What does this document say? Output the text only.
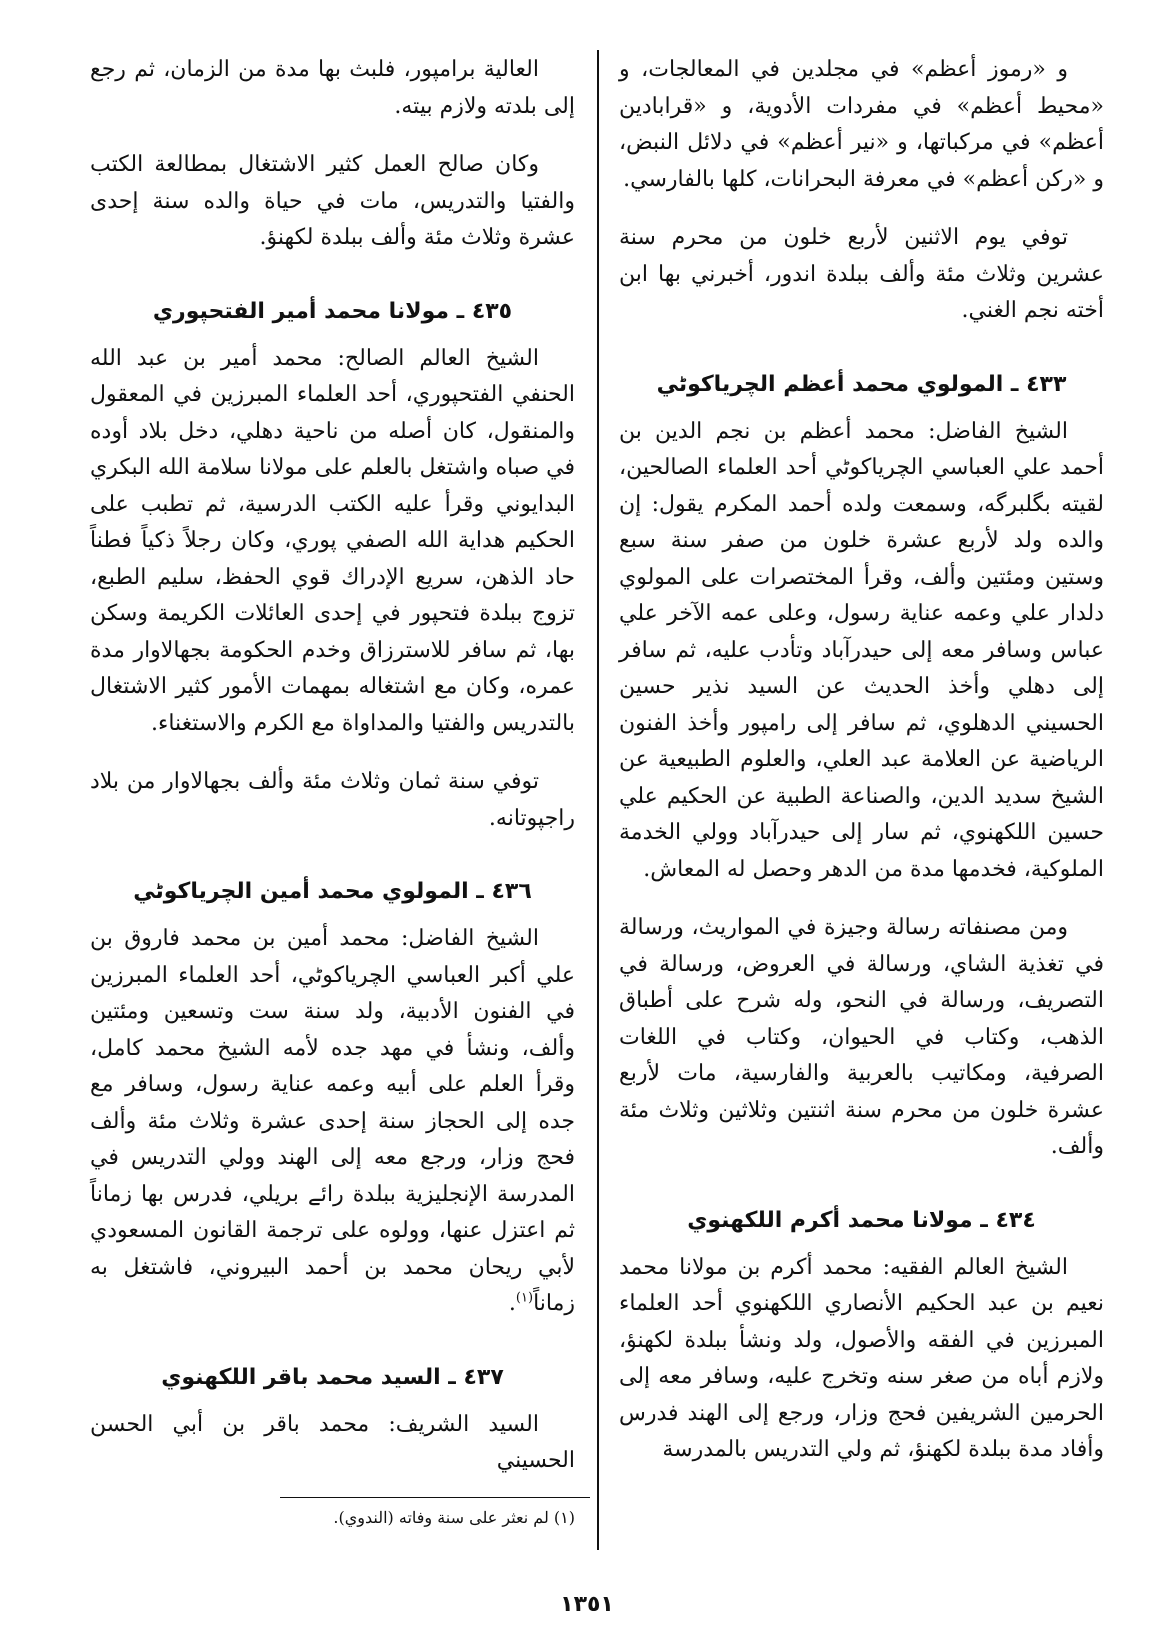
و «رموز أعظم» في مجلدين في المعالجات، و «محيط أعظم» في مفردات الأدوية، و «قرابادين أعظم» في مركباتها، و «نير أعظم» في دلائل النبض، و «ركن أعظم» في معرفة البحرانات، كلها بالفارسي.

توفي يوم الاثنين لأربع خلون من محرم سنة عشرين وثلاث مئة وألف ببلدة اندور، أخبرني بها ابن أخته نجم الغني.

٤٣٣ ـ المولوي محمد أعظم الچرياكوٹي

الشيخ الفاضل: محمد أعظم بن نجم الدين بن أحمد علي العباسي الچرياكوٹي أحد العلماء الصالحين، لقيته بگلبرگه، وسمعت ولده أحمد المكرم يقول: إن والده ولد لأربع عشرة خلون من صفر سنة سبع وستين ومئتين وألف، وقرأ المختصرات على المولوي دلدار علي وعمه عناية رسول، وعلى عمه الآخر علي عباس وسافر معه إلى حيدرآباد وتأدب عليه، ثم سافر إلى دهلي وأخذ الحديث عن السيد نذير حسين الحسيني الدهلوي، ثم سافر إلى رامپور وأخذ الفنون الرياضية عن العلامة عبد العلي، والعلوم الطبيعية عن الشيخ سديد الدين، والصناعة الطبية عن الحكيم علي حسين اللكهنوي، ثم سار إلى حيدرآباد وولي الخدمة الملوكية، فخدمها مدة من الدهر وحصل له المعاش.

ومن مصنفاته رسالة وجيزة في المواريث، ورسالة في تغذية الشاي، ورسالة في العروض، ورسالة في التصريف، ورسالة في النحو، وله شرح على أطباق الذهب، وكتاب في الحيوان، وكتاب في اللغات الصرفية، ومكاتيب بالعربية والفارسية، مات لأربع عشرة خلون من محرم سنة اثنتين وثلاثين وثلاث مئة وألف.

٤٣٤ ـ مولانا محمد أكرم اللكهنوي

الشيخ العالم الفقيه: محمد أكرم بن مولانا محمد نعيم بن عبد الحكيم الأنصاري اللكهنوي أحد العلماء المبرزين في الفقه والأصول، ولد ونشأ ببلدة لكهنؤ، ولازم أباه من صغر سنه وتخرج عليه، وسافر معه إلى الحرمين الشريفين فحج وزار، ورجع إلى الهند فدرس وأفاد مدة ببلدة لكهنؤ، ثم ولي التدريس بالمدرسة

العالية برامپور، فلبث بها مدة من الزمان، ثم رجع إلى بلدته ولازم بيته.

وكان صالح العمل كثير الاشتغال بمطالعة الكتب والفتيا والتدريس، مات في حياة والده سنة إحدى عشرة وثلاث مئة وألف ببلدة لكهنؤ.

٤٣٥ ـ مولانا محمد أمير الفتحپوري

الشيخ العالم الصالح: محمد أمير بن عبد الله الحنفي الفتحپوري، أحد العلماء المبرزين في المعقول والمنقول، كان أصله من ناحية دهلي، دخل بلاد أوده في صباه واشتغل بالعلم على مولانا سلامة الله البكري البدايوني وقرأ عليه الكتب الدرسية، ثم تطبب على الحكيم هداية الله الصفي پوري، وكان رجلاً ذكياً فطناً حاد الذهن، سريع الإدراك قوي الحفظ، سليم الطبع، تزوج ببلدة فتحپور في إحدى العائلات الكريمة وسكن بها، ثم سافر للاسترزاق وخدم الحكومة بجهالاوار مدة عمره، وكان مع اشتغاله بمهمات الأمور كثير الاشتغال بالتدريس والفتيا والمداواة مع الكرم والاستغناء.

توفي سنة ثمان وثلاث مئة وألف بجهالاوار من بلاد راجپوتانه.

٤٣٦ ـ المولوي محمد أمين الچرياكوٹي

الشيخ الفاضل: محمد أمين بن محمد فاروق بن علي أكبر العباسي الچرياكوٹي، أحد العلماء المبرزين في الفنون الأدبية، ولد سنة ست وتسعين ومئتين وألف، ونشأ في مهد جده لأمه الشيخ محمد كامل، وقرأ العلم على أبيه وعمه عناية رسول، وسافر مع جده إلى الحجاز سنة إحدى عشرة وثلاث مئة وألف فحج وزار، ورجع معه إلى الهند وولي التدريس في المدرسة الإنجليزية ببلدة رائے بريلي، فدرس بها زماناً ثم اعتزل عنها، وولوه على ترجمة القانون المسعودي لأبي ريحان محمد بن أحمد البيروني، فاشتغل به زماناً$^{(١)}$.

٤٣٧ ـ السيد محمد باقر اللكهنوي

السيد الشريف: محمد باقر بن أبي الحسن الحسيني

(١) لم نعثر على سنة وفاته (الندوي).
١٣٥١
